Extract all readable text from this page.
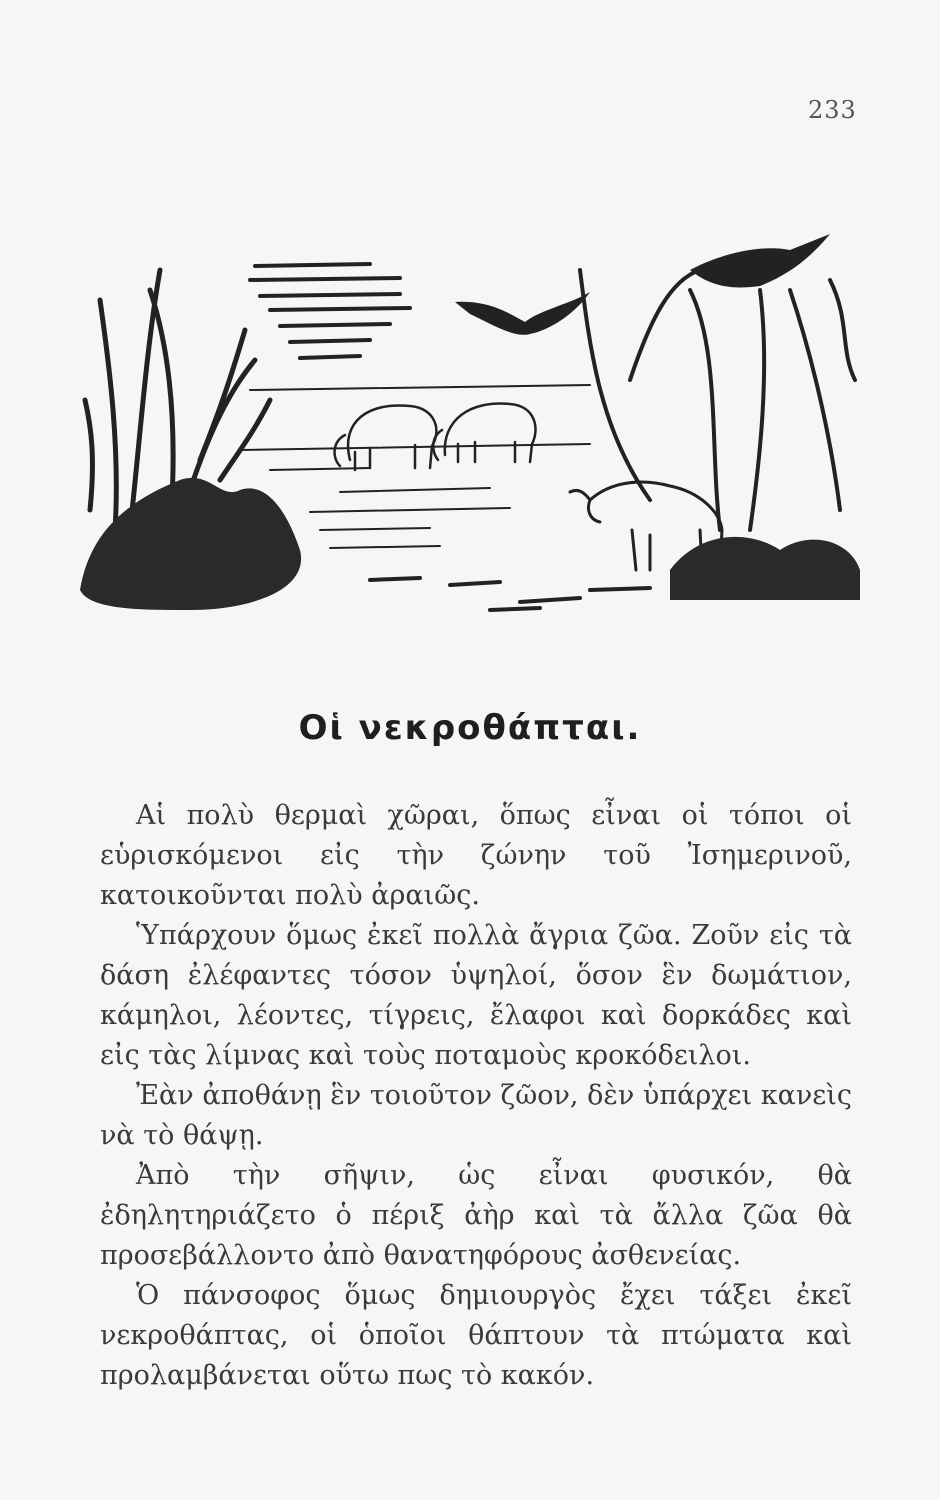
233
Οἱ νεκροθάπται.

Αἱ πολὺ θερμαὶ χῶραι, ὅπως εἶναι οἱ τόποι οἱ εὑρισκόμενοι εἰς τὴν ζώνην τοῦ Ἰσημερινοῦ, κατοικοῦνται πολὺ ἀραιῶς.

Ὑπάρχουν ὅμως ἐκεῖ πολλὰ ἄγρια ζῶα. Ζοῦν εἰς τὰ δάση ἐλέφαντες τόσον ὑψηλοί, ὅσον ἓν δωμάτιον, κάμηλοι, λέοντες, τίγρεις, ἔλαφοι καὶ δορκάδες καὶ εἰς τὰς λίμνας καὶ τοὺς ποταμοὺς κροκόδειλοι.

Ἐὰν ἀποθάνῃ ἓν τοιοῦτον ζῶον, δὲν ὑπάρχει κανεὶς νὰ τὸ θάψῃ.

Ἀπὸ τὴν σῆψιν, ὡς εἶναι φυσικόν, θὰ ἐδηλητηριάζετο ὁ πέριξ ἀὴρ καὶ τὰ ἄλλα ζῶα θὰ προσεβάλλοντο ἀπὸ θανατηφόρους ἀσθενείας.

Ὁ πάνσοφος ὅμως δημιουργὸς ἔχει τάξει ἐκεῖ νεκροθάπτας, οἱ ὁποῖοι θάπτουν τὰ πτώματα καὶ προλαμβάνεται οὕτω πως τὸ κακόν.
